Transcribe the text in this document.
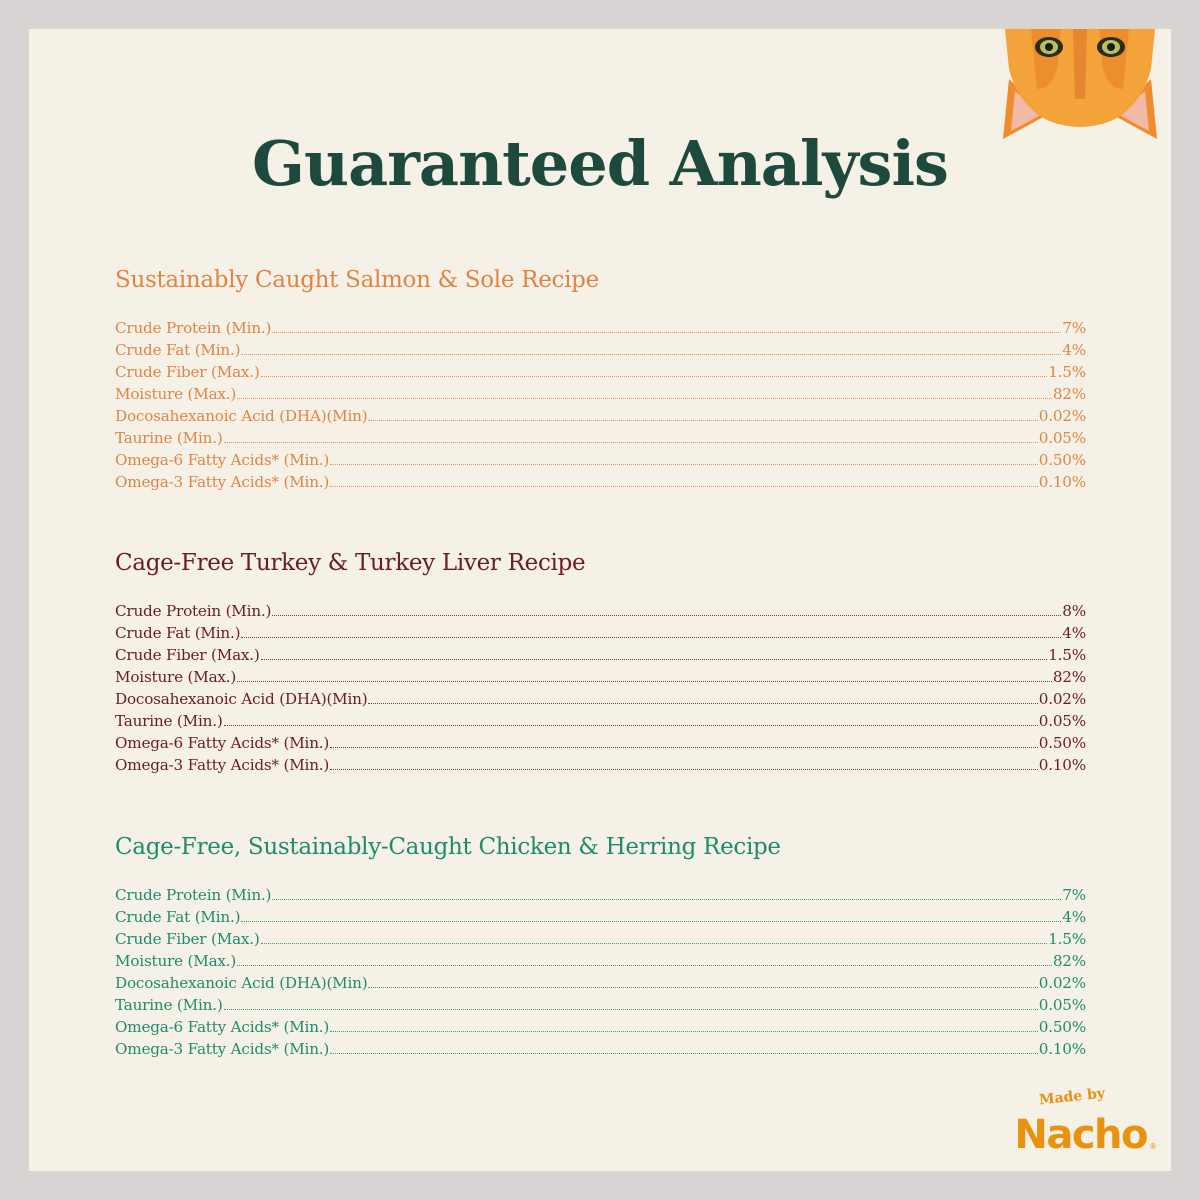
Guaranteed Analysis
Sustainably Caught Salmon & Sole Recipe
Crude Protein (Min.)	7%
Crude Fat (Min.)	4%
Crude Fiber (Max.)	1.5%
Moisture (Max.)	82%
Docosahexanoic Acid (DHA)(Min)	0.02%
Taurine (Min.)	0.05%
Omega-6 Fatty Acids* (Min.)	0.50%
Omega-3 Fatty Acids* (Min.)	0.10%
Cage-Free Turkey & Turkey Liver Recipe
Crude Protein (Min.)	8%
Crude Fat (Min.)	4%
Crude Fiber (Max.)	1.5%
Moisture (Max.)	82%
Docosahexanoic Acid (DHA)(Min)	0.02%
Taurine (Min.)	0.05%
Omega-6 Fatty Acids* (Min.)	0.50%
Omega-3 Fatty Acids* (Min.)	0.10%
Cage-Free, Sustainably-Caught Chicken & Herring Recipe
Crude Protein (Min.)	7%
Crude Fat (Min.)	4%
Crude Fiber (Max.)	1.5%
Moisture (Max.)	82%
Docosahexanoic Acid (DHA)(Min)	0.02%
Taurine (Min.)	0.05%
Omega-6 Fatty Acids* (Min.)	0.50%
Omega-3 Fatty Acids* (Min.)	0.10%
Made by
Nacho ®
